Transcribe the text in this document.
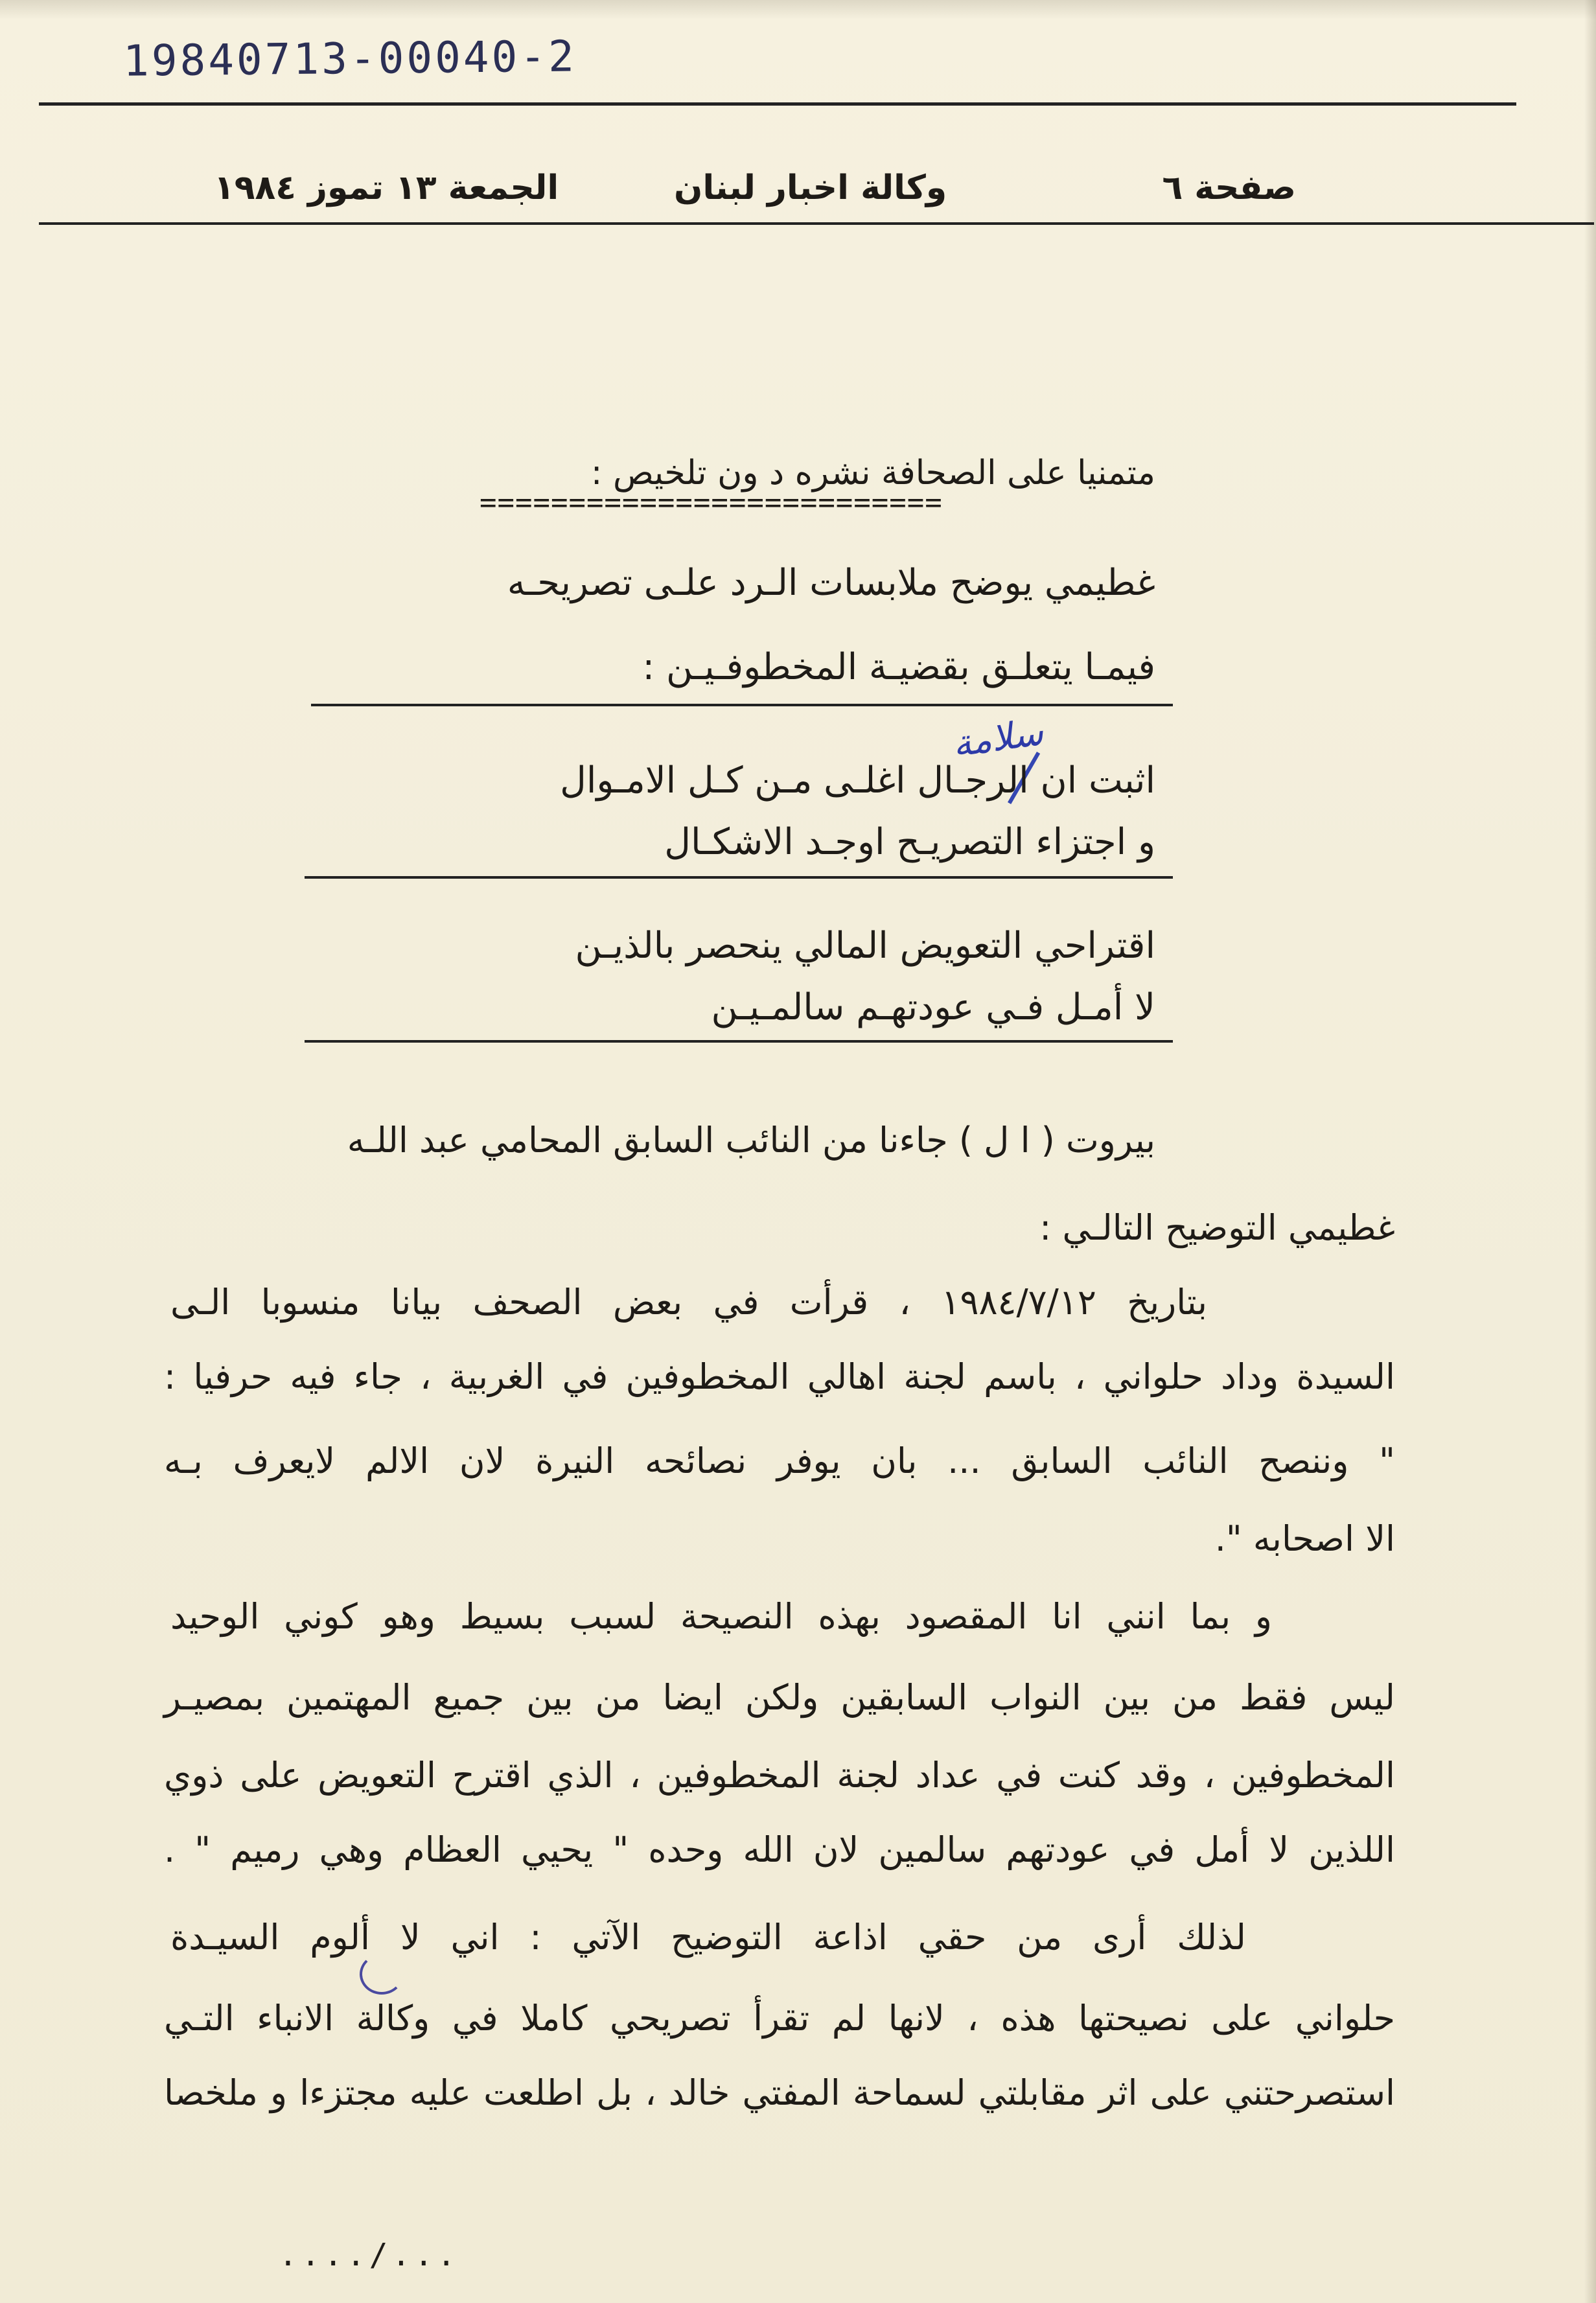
19840713-00040-2
صفحة ٦
وكالة اخبار لبنان
الجمعة ١٣ تموز ١٩٨٤
متمنيا على الصحافة نشره د ون تلخيص :
==========================
غطيمي يوضح ملابسات الـرد علـى تصريحـه
فيمـا يتعلـق بقضيـة المخطوفـيـن :
سلامة
اثبت ان الرجـال اغلـى مـن كـل الامـوال
و اجتزاء التصريـح اوجـد الاشكـال
اقتراحي التعويض المالي ينحصر بالذيـن
لا أمـل فـي عودتهـم سالمـيـن
بيروت ( ا ل ) جاءنا من النائب السابق المحامي عبد اللـه
غطيمي التوضيح التالـي :
بتاريخ ١٩٨٤/٧/١٢ ، قرأت في بعض الصحف بيانا منسوبا الـى
السيدة وداد حلواني ، باسم لجنة اهالي المخطوفين في الغربية ، جاء فيه حرفيا :
" وننصح النائب السابق ... بان يوفر نصائحه النيرة لان الالم لايعرف بـه
الا اصحابه ".
و بما انني انا المقصود بهذه النصيحة لسبب بسيط وهو كوني الوحيد
ليس فقط من بين النواب السابقين ولكن ايضا من بين جميع المهتمين بمصيـر
المخطوفين ، وقد كنت في عداد لجنة المخطوفين ، الذي اقترح التعويض على ذوي
اللذين لا أمل في عودتهم سالمين لان الله وحده " يحيي العظام وهي رميم " .
لذلك أرى من حقي اذاعة التوضيح الآتي : اني لا ألوم السيـدة
حلواني على نصيحتها هذه ، لانها لم تقرأ تصريحي كاملا في وكالة الانباء التـي
استصرحتني على اثر مقابلتي لسماحة المفتي خالد ، بل اطلعت عليه مجتزءا و ملخصا
..../...
